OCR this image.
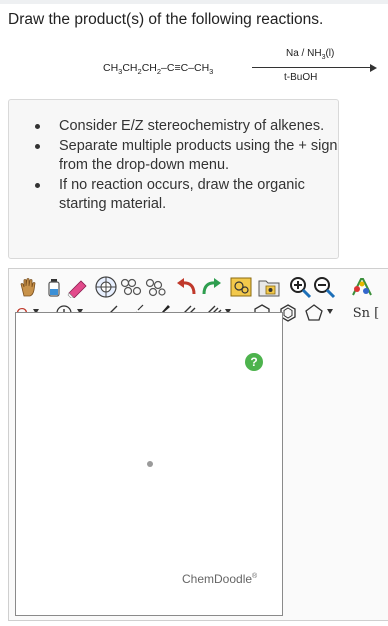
Draw the product(s) of the following reactions.
$CH_3CH_2CH_2-C\equiv C-CH_3$
Na / $NH_3(l)$
t-BuOH
Consider E/Z stereochemistry of alkenes.
Separate multiple products using the + sign from the drop-down menu.
If no reaction occurs, draw the organic starting material.
Sn [
?
ChemDoodle®
